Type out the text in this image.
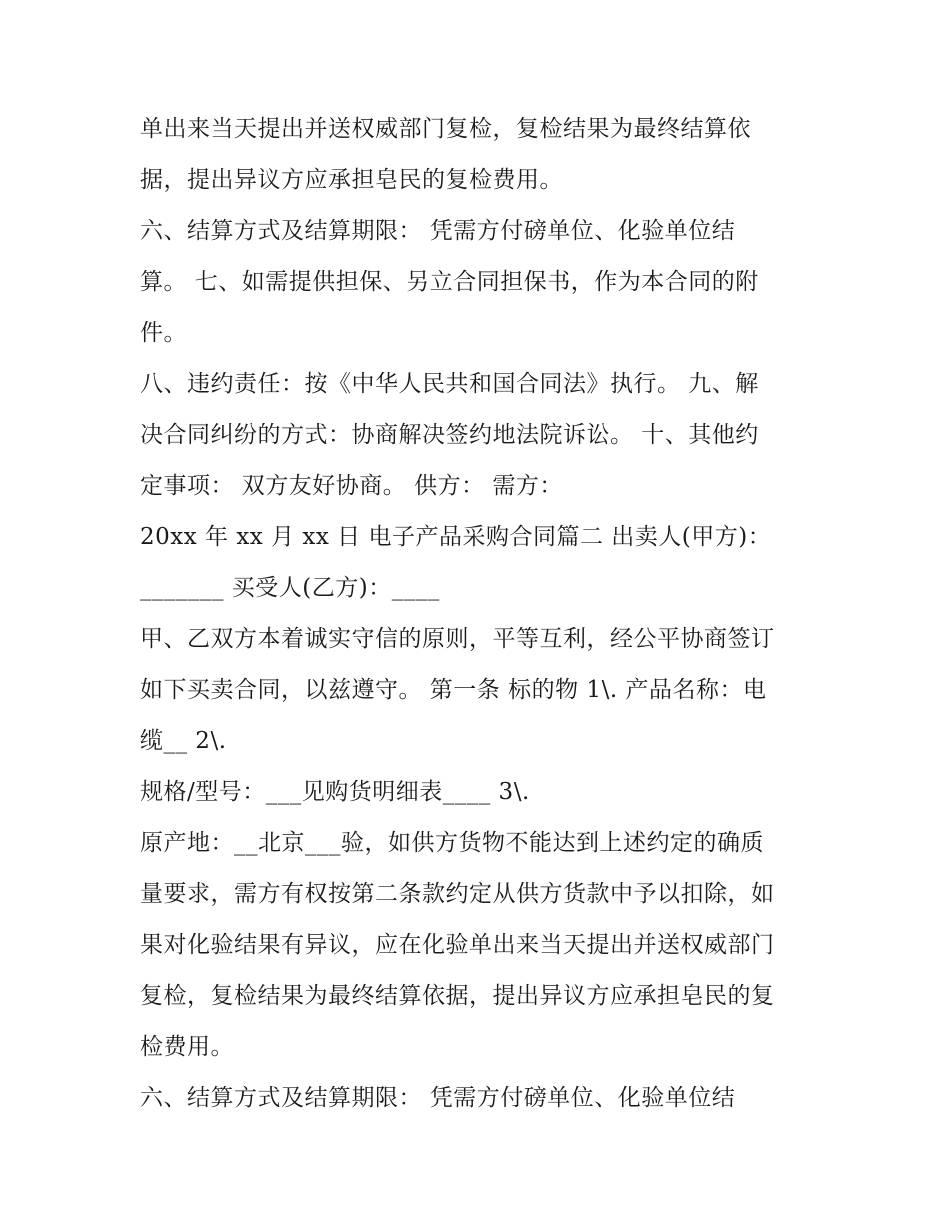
单出来当天提出并送权威部门复检，复检结果为最终结算依
据，提出异议方应承担皂民的复检费用。
六、结算方式及结算期限： 凭需方付磅单位、化验单位结
算。 七、如需提供担保、另立合同担保书，作为本合同的附
件。
八、违约责任：按《中华人民共和国合同法》执行。 九、解
决合同纠纷的方式：协商解决签约地法院诉讼。 十、其他约
定事项： 双方友好协商。 供方： 需方：
20xx 年 xx 月 xx 日 电子产品采购合同篇二 出卖人(甲方)：
_______ 买受人(乙方)：____
甲、乙双方本着诚实守信的原则，平等互利，经公平协商签订
如下买卖合同，以兹遵守。 第一条 标的物 1\. 产品名称：电
缆__ 2\.
规格/型号：___见购货明细表____ 3\.
原产地：__北京___验，如供方货物不能达到上述约定的确质
量要求，需方有权按第二条款约定从供方货款中予以扣除，如
果对化验结果有异议，应在化验单出来当天提出并送权威部门
复检，复检结果为最终结算依据，提出异议方应承担皂民的复
检费用。
六、结算方式及结算期限： 凭需方付磅单位、化验单位结
